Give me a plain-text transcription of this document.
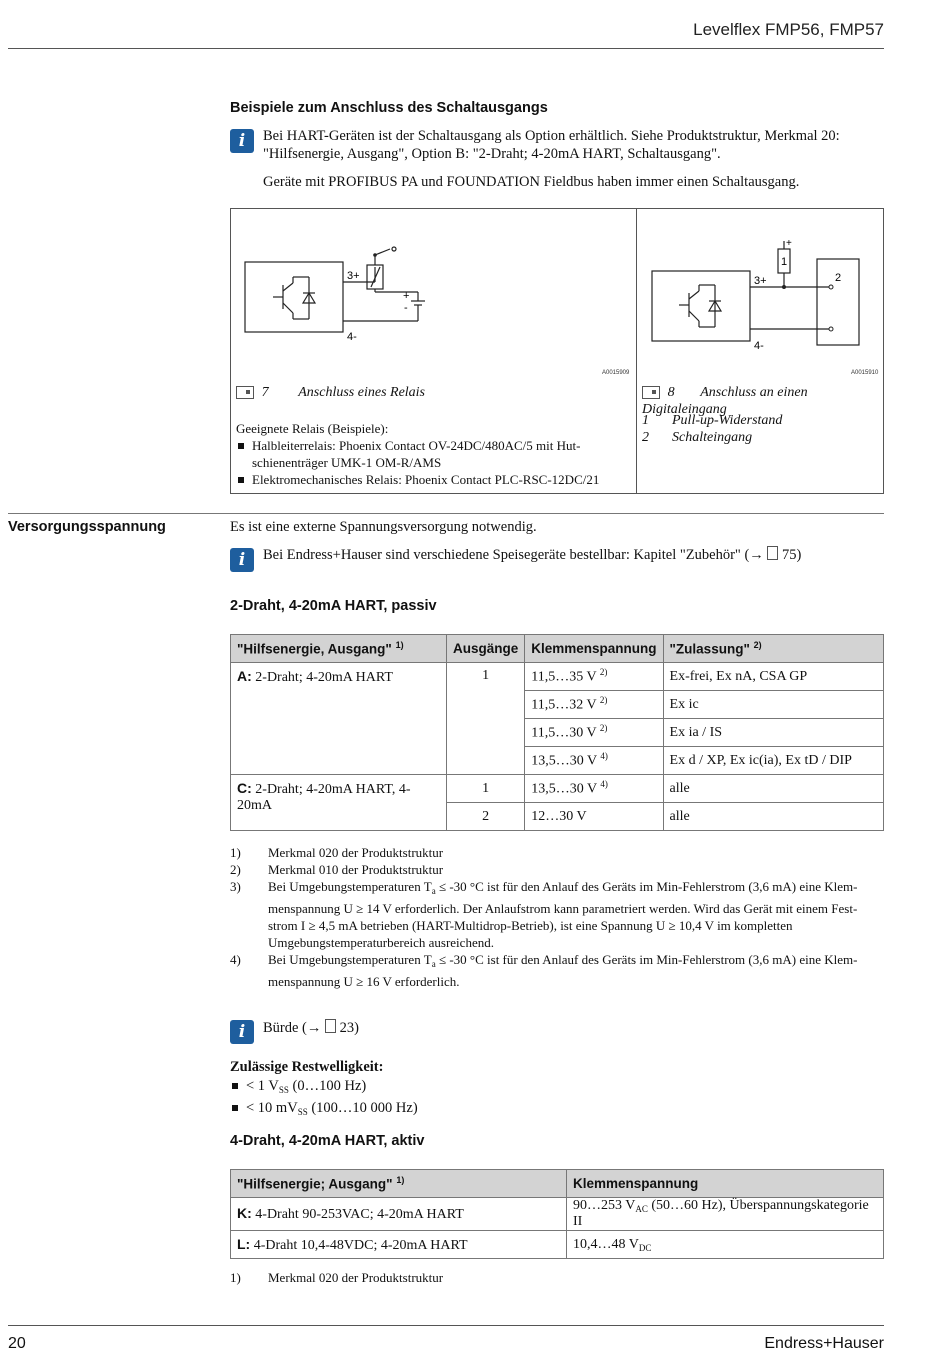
Levelflex FMP56, FMP57
Beispiele zum Anschluss des Schaltausgangs
i Bei HART-Geräten ist der Schaltausgang als Option erhältlich. Siehe Produktstruktur, Merkmal 20:
"Hilfsenergie, Ausgang", Option B: "2-Draht; 4-20mA HART, Schaltausgang".
Geräte mit PROFIBUS PA und FOUNDATION Fieldbus haben immer einen Schaltausgang.
3+
4-
+
-
A0015909
7 Anschluss eines Relais
Geeignete Relais (Beispiele):
Halbleiterrelais: Phoenix Contact OV-24DC/480AC/5 mit Hut-
schienenträger UMK-1 OM-R/AMS
Elektromechanisches Relais: Phoenix Contact PLC-RSC-12DC/21
+
1
2
3+
4-
A0015910
8 Anschluss an einen Digitaleingang
1 Pull-up-Widerstand
2 Schalteingang
Versorgungsspannung	Es ist eine externe Spannungsversorgung notwendig.
i Bei Endress+Hauser sind verschiedene Speisegeräte bestellbar: Kapitel "Zubehör" (→ 75)
2-Draht, 4-20mA HART, passiv
"Hilfsenergie, Ausgang" $^{1)}$	Ausgänge	Klemmenspannung	"Zulassung" $^{2)}$
A: 2-Draht; 4-20mA HART	1	11,5…35 V $^{2)}$	Ex-frei, Ex nA, CSA GP
		11,5…32 V $^{2)}$	Ex ic
		11,5…30 V $^{2)}$	Ex ia / IS
		13,5…30 V $^{4)}$	Ex d / XP, Ex ic(ia), Ex tD / DIP
C: 2-Draht; 4-20mA HART, 4-20mA	1	13,5…30 V $^{4)}$	alle
	2	12…30 V	alle
1) Merkmal 020 der Produktstruktur
2) Merkmal 010 der Produktstruktur
3) Bei Umgebungstemperaturen $T_a \le -30$ °C ist für den Anlauf des Geräts im Min-Fehlerstrom (3,6 mA) eine Klem-
menspannung U ≥ 14 V erforderlich. Der Anlaufstrom kann parametriert werden. Wird das Gerät mit einem Fest-
strom I ≥ 4,5 mA betrieben (HART-Multidrop-Betrieb), ist eine Spannung U ≥ 10,4 V im kompletten
Umgebungstemperaturbereich ausreichend.
4) Bei Umgebungstemperaturen $T_a \le -30$ °C ist für den Anlauf des Geräts im Min-Fehlerstrom (3,6 mA) eine Klem-
menspannung U ≥ 16 V erforderlich.
i Bürde (→ 23)
Zulässige Restwelligkeit:
< 1 $V_{SS}$ (0…100 Hz)
< 10 $mV_{SS}$ (100…10 000 Hz)
4-Draht, 4-20mA HART, aktiv
"Hilfsenergie; Ausgang" $^{1)}$	Klemmenspannung
K: 4-Draht 90-253VAC; 4-20mA HART	90…253 $V_{AC}$ (50…60 Hz), Überspannungskategorie II
L: 4-Draht 10,4-48VDC; 4-20mA HART	10,4…48 $V_{DC}$
1) Merkmal 020 der Produktstruktur
20	Endress+Hauser
